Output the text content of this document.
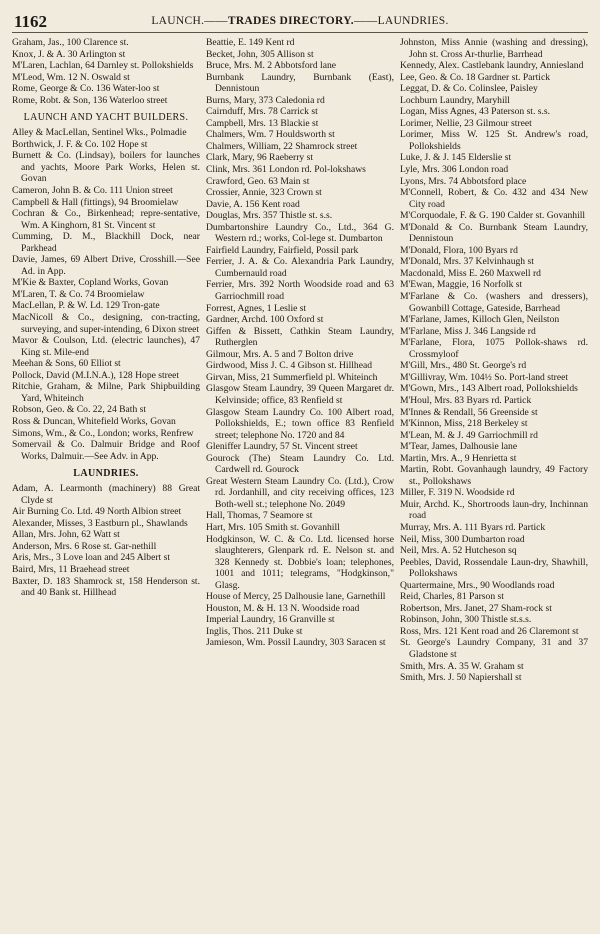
1162	LAUNCH.——TRADES DIRECTORY.——LAUNDRIES.
Graham, Jas., 100 Clarence st.
Knox, J. & A. 30 Arlington st
M'Laren, Lachlan, 64 Darnley st. Pollokshields
M'Leod, Wm. 12 N. Oswald st
Rome, George & Co. 136 Water-loo st
Rome, Robt. & Son, 136 Waterloo street
LAUNCH AND YACHT BUILDERS.
Alley & MacLellan, Sentinel Wks., Polmadie
Borthwick, J. F. & Co. 102 Hope st
Burnett & Co. (Lindsay), boilers for launches and yachts, Moore Park Works, Helen st. Govan
Cameron, John B. & Co. 111 Union street
Campbell & Hall (fittings), 94 Broomielaw
Cochran & Co., Birkenhead; repre-sentative, Wm. A Kinghorn, 81 St. Vincent st
Cumming, D. M., Blackhill Dock, near Parkhead
Davie, James, 69 Albert Drive, Crosshill.—See Ad. in App.
M'Kie & Baxter, Copland Works, Govan
M'Laren, T. & Co. 74 Broomielaw
MacLellan, P. & W. Ld. 129 Tron-gate
MacNicoll & Co., designing, con-tracting, surveying, and super-intending, 6 Dixon street
Mavor & Coulson, Ltd. (electric launches), 47 King st. Mile-end
Meehan & Sons, 60 Elliot st
Pollock, David (M.I.N.A.), 128 Hope street
Ritchie, Graham, & Milne, Park Shipbuilding Yard, Whiteinch
Robson, Geo. & Co. 22, 24 Bath st
Ross & Duncan, Whitefield Works, Govan
Simons, Wm., & Co., London; works, Renfrew
Somervail & Co. Dalmuir Bridge and Roof Works, Dalmuir.—See Adv. in App.
LAUNDRIES.
Adam, A. Learmonth (machinery) 88 Great Clyde st
Air Burning Co. Ltd. 49 North Albion street
Alexander, Misses, 3 Eastburn pl., Shawlands
Allan, Mrs. John, 62 Watt st
Anderson, Mrs. 6 Rose st. Gar-nethill
Aris, Mrs., 3 Love loan and 245 Albert st
Baird, Mrs, 11 Braehead street
Baxter, D. 183 Shamrock st, 158 Henderson st. and 40 Bank st. Hillhead
Beattie, E. 149 Kent rd
Becket, John, 305 Allison st
Bruce, Mrs. M. 2 Abbotsford lane
Burnbank Laundry, Burnbank (East), Dennistoun
Burns, Mary, 373 Caledonia rd
Cairnduff, Mrs. 78 Carrick st
Campbell, Mrs. 13 Blackie st
Chalmers, Wm. 7 Houldsworth st
Chalmers, William, 22 Shamrock street
Clark, Mary, 96 Raeberry st
Clink, Mrs. 361 London rd. Pol-lokshaws
Crawford, Geo. 63 Main st
Crossier, Annie, 323 Crown st
Davie, A. 156 Kent road
Douglas, Mrs. 357 Thistle st. s.s.
Dumbartonshire Laundry Co., Ltd., 364 G. Western rd.; works, Col-lege st. Dumbarton
Fairfield Laundry, Fairfield, Possil park
Ferrier, J. A. & Co. Alexandria Park Laundry, Cumbernauld road
Ferrier, Mrs. 392 North Woodside road and 63 Garriochmill road
Forrest, Agnes, 1 Leslie st
Gardner, Archd. 100 Oxford st
Giffen & Bissett, Cathkin Steam Laundry, Rutherglen
Gilmour, Mrs. A. 5 and 7 Bolton drive
Girdwood, Miss J. C. 4 Gibson st. Hillhead
Girvan, Miss, 21 Summerfield pl. Whiteinch
Glasgow Steam Laundry, 39 Queen Margaret dr. Kelvinside; office, 83 Renfield st
Glasgow Steam Laundry Co. 100 Albert road, Pollokshields, E.; town office 83 Renfield street; telephone No. 1720 and 84
Gleniffer Laundry, 57 St. Vincent street
Gourock (The) Steam Laundry Co. Ltd. Cardwell rd. Gourock
Great Western Steam Laundry Co. (Ltd.), Crow rd. Jordanhill, and city receiving offices, 123 Both-well st.; telephone No. 2049
Hall, Thomas, 7 Seamore st
Hart, Mrs. 105 Smith st. Govanhill
Hodgkinson, W. C. & Co. Ltd. licensed horse slaughterers, Glenpark rd. E. Nelson st. and 328 Kennedy st. Dobbie's loan; telephones, 1001 and 1011; telegrams, "Hodgkinson," Glasg.
House of Mercy, 25 Dalhousie lane, Garnethill
Houston, M. & H. 13 N. Woodside road
Imperial Laundry, 16 Granville st
Inglis, Thos. 211 Duke st
Jamieson, Wm. Possil Laundry, 303 Saracen st
Johnston, Miss Annie (washing and dressing), John st. Cross Ar-thurlie, Barrhead
Kennedy, Alex. Castlebank laundry, Anniesland
Lee, Geo. & Co. 18 Gardner st. Partick
Leggat, D. & Co. Colinslee, Paisley
Lochburn Laundry, Maryhill
Logan, Miss Agnes, 43 Paterson st. s.s.
Lorimer, Nellie, 23 Gilmour street
Lorimer, Miss W. 125 St. Andrew's road, Pollokshields
Luke, J. & J. 145 Elderslie st
Lyle, Mrs. 306 London road
Lyons, Mrs. 74 Abbotsford place
M'Connell, Robert, & Co. 432 and 434 New City road
M'Corquodale, F. & G. 190 Calder st. Govanhill
M'Donald & Co. Burnbank Steam Laundry, Dennistoun
M'Donald, Flora, 100 Byars rd
M'Donald, Mrs. 37 Kelvinhaugh st
Macdonald, Miss E. 260 Maxwell rd
M'Ewan, Maggie, 16 Norfolk st
M'Farlane & Co. (washers and dressers), Gowanbill Cottage, Gateside, Barrhead
M'Farlane, James, Killoch Glen, Neilston
M'Farlane, Miss J. 346 Langside rd
M'Farlane, Flora, 1075 Pollok-shaws rd. Crossmyloof
M'Gill, Mrs., 480 St. George's rd
M'Gillivray, Wm. 104½ So. Port-land street
M'Gown, Mrs., 143 Albert road, Pollokshields
M'Houl, Mrs. 83 Byars rd. Partick
M'Innes & Rendall, 56 Greenside st
M'Kinnon, Miss, 218 Berkeley st
M'Lean, M. & J. 49 Garriochmill rd
M'Tear, James, Dalhousie lane
Martin, Mrs. A., 9 Henrietta st
Martin, Robt. Govanhaugh laundry, 49 Factory st., Pollokshaws
Miller, F. 319 N. Woodside rd
Muir, Archd. K., Shortroods laun-dry, Inchinnan road
Murray, Mrs. A. 111 Byars rd. Partick
Neil, Miss, 300 Dumbarton road
Neil, Mrs. A. 52 Hutcheson sq
Peebles, David, Rossendale Laun-dry, Shawhill, Pollokshaws
Quartermaine, Mrs., 90 Woodlands road
Reid, Charles, 81 Parson st
Robertson, Mrs. Janet, 27 Sham-rock st
Robinson, John, 300 Thistle st.s.s.
Ross, Mrs. 121 Kent road and 26 Claremont st
St. George's Laundry Company, 31 and 37 Gladstone st
Smith, Mrs. A. 35 W. Graham st
Smith, Mrs. J. 50 Napiershall st
